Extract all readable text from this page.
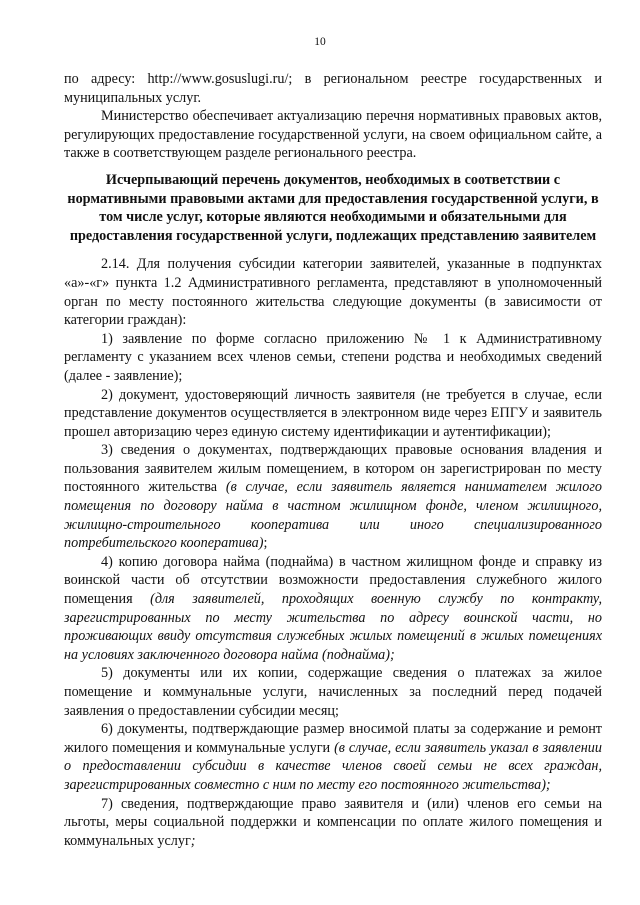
10

по адресу: http://www.gosuslugi.ru/; в региональном реестре государственных и муниципальных услуг.

Министерство обеспечивает актуализацию перечня нормативных правовых актов, регулирующих предоставление государственной услуги, на своем официальном сайте, а также в соответствующем разделе регионального реестра.

Исчерпывающий перечень документов, необходимых в соответствии с нормативными правовыми актами для предоставления государственной услуги, в том числе услуг, которые являются необходимыми и обязательными для предоставления государственной услуги, подлежащих представлению заявителем

2.14. Для получения субсидии категории заявителей, указанные в подпунктах «а»-«г» пункта 1.2 Административного регламента, представляют в уполномоченный орган по месту постоянного жительства следующие документы (в зависимости от категории граждан):

1) заявление по форме согласно приложению № 1 к Административному регламенту с указанием всех членов семьи, степени родства и необходимых сведений (далее - заявление);

2) документ, удостоверяющий личность заявителя (не требуется в случае, если представление документов осуществляется в электронном виде через ЕПГУ и заявитель прошел авторизацию через единую систему идентификации и аутентификации);

3) сведения о документах, подтверждающих правовые основания владения и пользования заявителем жилым помещением, в котором он зарегистрирован по месту постоянного жительства (в случае, если заявитель является нанимателем жилого помещения по договору найма в частном жилищном фонде, членом жилищного, жилищно-строительного кооператива или иного специализированного потребительского кооператива);

4) копию договора найма (поднайма) в частном жилищном фонде и справку из воинской части об отсутствии возможности предоставления служебного жилого помещения (для заявителей, проходящих военную службу по контракту, зарегистрированных по месту жительства по адресу воинской части, но проживающих ввиду отсутствия служебных жилых помещений в жилых помещениях на условиях заключенного договора найма (поднайма);

5) документы или их копии, содержащие сведения о платежах за жилое помещение и коммунальные услуги, начисленных за последний перед подачей заявления о предоставлении субсидии месяц;

6) документы, подтверждающие размер вносимой платы за содержание и ремонт жилого помещения и коммунальные услуги (в случае, если заявитель указал в заявлении о предоставлении субсидии в качестве членов своей семьи не всех граждан, зарегистрированных совместно с ним по месту его постоянного жительства);

7) сведения, подтверждающие право заявителя и (или) членов его семьи на льготы, меры социальной поддержки и компенсации по оплате жилого помещения и коммунальных услуг;
